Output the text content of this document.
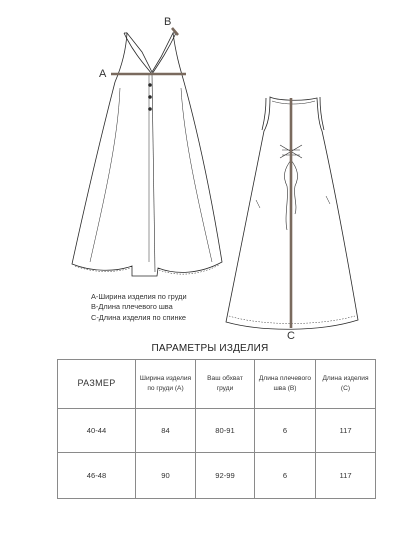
A
B
C
А-Ширина изделия по груди
В-Длина плечевого шва
С-Длина изделия по спинке
ПАРАМЕТРЫ ИЗДЕЛИЯ
РАЗМЕР	Ширина изделия по груди (А)	Ваш обхват груди	Длина плечевого шва (В)	Длина изделия (С)
40-44	84	80-91	6	117
46-48	90	92-99	6	117
